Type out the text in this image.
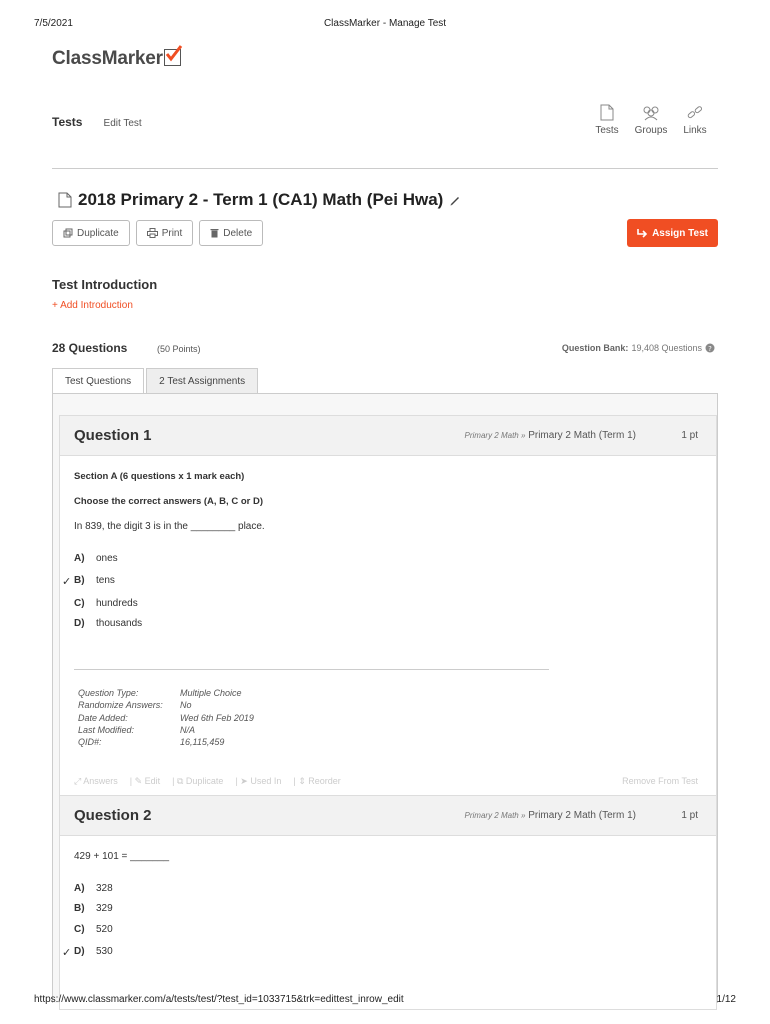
7/5/2021	ClassMarker - Manage Test
ClassMarker
Tests Edit Test
Tests	Groups	Links
2018 Primary 2 - Term 1 (CA1) Math (Pei Hwa)
Duplicate	Print	Delete	Assign Test
Test Introduction
+ Add Introduction
28 Questions	(50 Points)	Question Bank: 19,408 Questions ?
Test Questions	2 Test Assignments
Question 1	Primary 2 Math » Primary 2 Math (Term 1)	1 pt
Section A (6 questions x 1 mark each)
Choose the correct answers (A, B, C or D)
In 839, the digit 3 is in the ________ place.
A)	ones
✓ B)	tens
C)	hundreds
D)	thousands
Question Type:	Multiple Choice
Randomize Answers: No
Date Added:	Wed 6th Feb 2019
Last Modified:	N/A
QID#:	16,115,459
⤢ Answers | ✎ Edit | ⧉ Duplicate | ➤ Used In | ⇕ Reorder	Remove From Test
Question 2	Primary 2 Math » Primary 2 Math (Term 1)	1 pt
429 + 101 = _______
A)	328
B)	329
C)	520
✓ D)	530
https://www.classmarker.com/a/tests/test/?test_id=1033715&trk=edittest_inrow_edit	1/12
